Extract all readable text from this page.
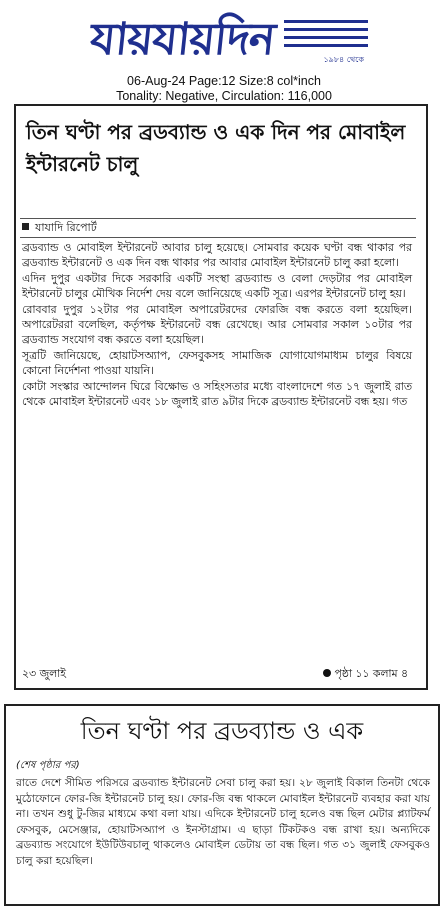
যায়যায়দিন	১৯৮৪ থেকে
06-Aug-24 Page:12 Size:8 col*inch
Tonality: Negative, Circulation: 116,000
তিন ঘণ্টা পর ব্রডব্যান্ড ও এক দিন পর মোবাইল ইন্টারনেট চালু
যাযাদি রিপোর্ট

ব্রডব্যান্ড ও মোবাইল ইন্টারনেট আবার চালু হয়েছে। সোমবার কয়েক ঘণ্টা বন্ধ থাকার পর ব্রডব্যান্ড ইন্টারনেট ও এক দিন বন্ধ থাকার পর আবার মোবাইল ইন্টারনেট চালু করা হলো।

এদিন দুপুর একটার দিকে সরকারি একটি সংস্থা ব্রডব্যান্ড ও বেলা দেড়টার পর মোবাইল ইন্টারনেট চালুর মৌখিক নির্দেশ দেয় বলে জানিয়েছে একটি সূত্র। এরপর ইন্টারনেট চালু হয়।

রোববার দুপুর ১২টার পর মোবাইল অপারেটরদের ফোরজি বন্ধ করতে বলা হয়েছিল। অপারেটররা বলেছিল, কর্তৃপক্ষ ইন্টারনেট বন্ধ রেখেছে। আর সোমবার সকাল ১০টার পর ব্রডব্যান্ড সংযোগ বন্ধ করতে বলা হয়েছিল।

সূত্রটি জানিয়েছে, হোয়াটসঅ্যাপ, ফেসবুকসহ সামাজিক যোগাযোগমাধ্যম চালুর বিষয়ে কোনো নির্দেশনা পাওয়া যায়নি।

কোটা সংস্কার আন্দোলন ঘিরে বিক্ষোভ ও সহিংসতার মধ্যে বাংলাদেশে গত ১৭ জুলাই রাত থেকে মোবাইল ইন্টারনেট এবং ১৮ জুলাই রাত ৯টার দিকে ব্রডব্যান্ড ইন্টারনেট বন্ধ হয়। গত

২৩ জুলাই	পৃষ্ঠা ১১ কলাম ৪
তিন ঘণ্টা পর ব্রডব্যান্ড ও এক
(শেষ পৃষ্ঠার পর)
রাতে দেশে সীমিত পরিসরে ব্রডব্যান্ড ইন্টারনেট সেবা চালু করা হয়। ২৮ জুলাই বিকাল তিনটা থেকে মুঠোফোনে ফোর-জি ইন্টারনেট চালু হয়। ফোর-জি বন্ধ থাকলে মোবাইল ইন্টারনেট ব্যবহার করা যায় না। তখন শুধু টু-জির মাধ্যমে কথা বলা যায়। এদিকে ইন্টারনেট চালু হলেও বন্ধ ছিল মেটার প্ল্যাটফর্ম ফেসবুক, মেসেঞ্জার, হোয়াটসঅ্যাপ ও ইনস্টাগ্রাম। এ ছাড়া টিকটকও বন্ধ রাখা হয়। অন্যদিকে ব্রডব্যান্ড সংযোগে ইউটিউবচালু থাকলেও মোবাইল ডেটায় তা বন্ধ ছিল। গত ৩১ জুলাই ফেসবুকও চালু করা হয়েছিল।
